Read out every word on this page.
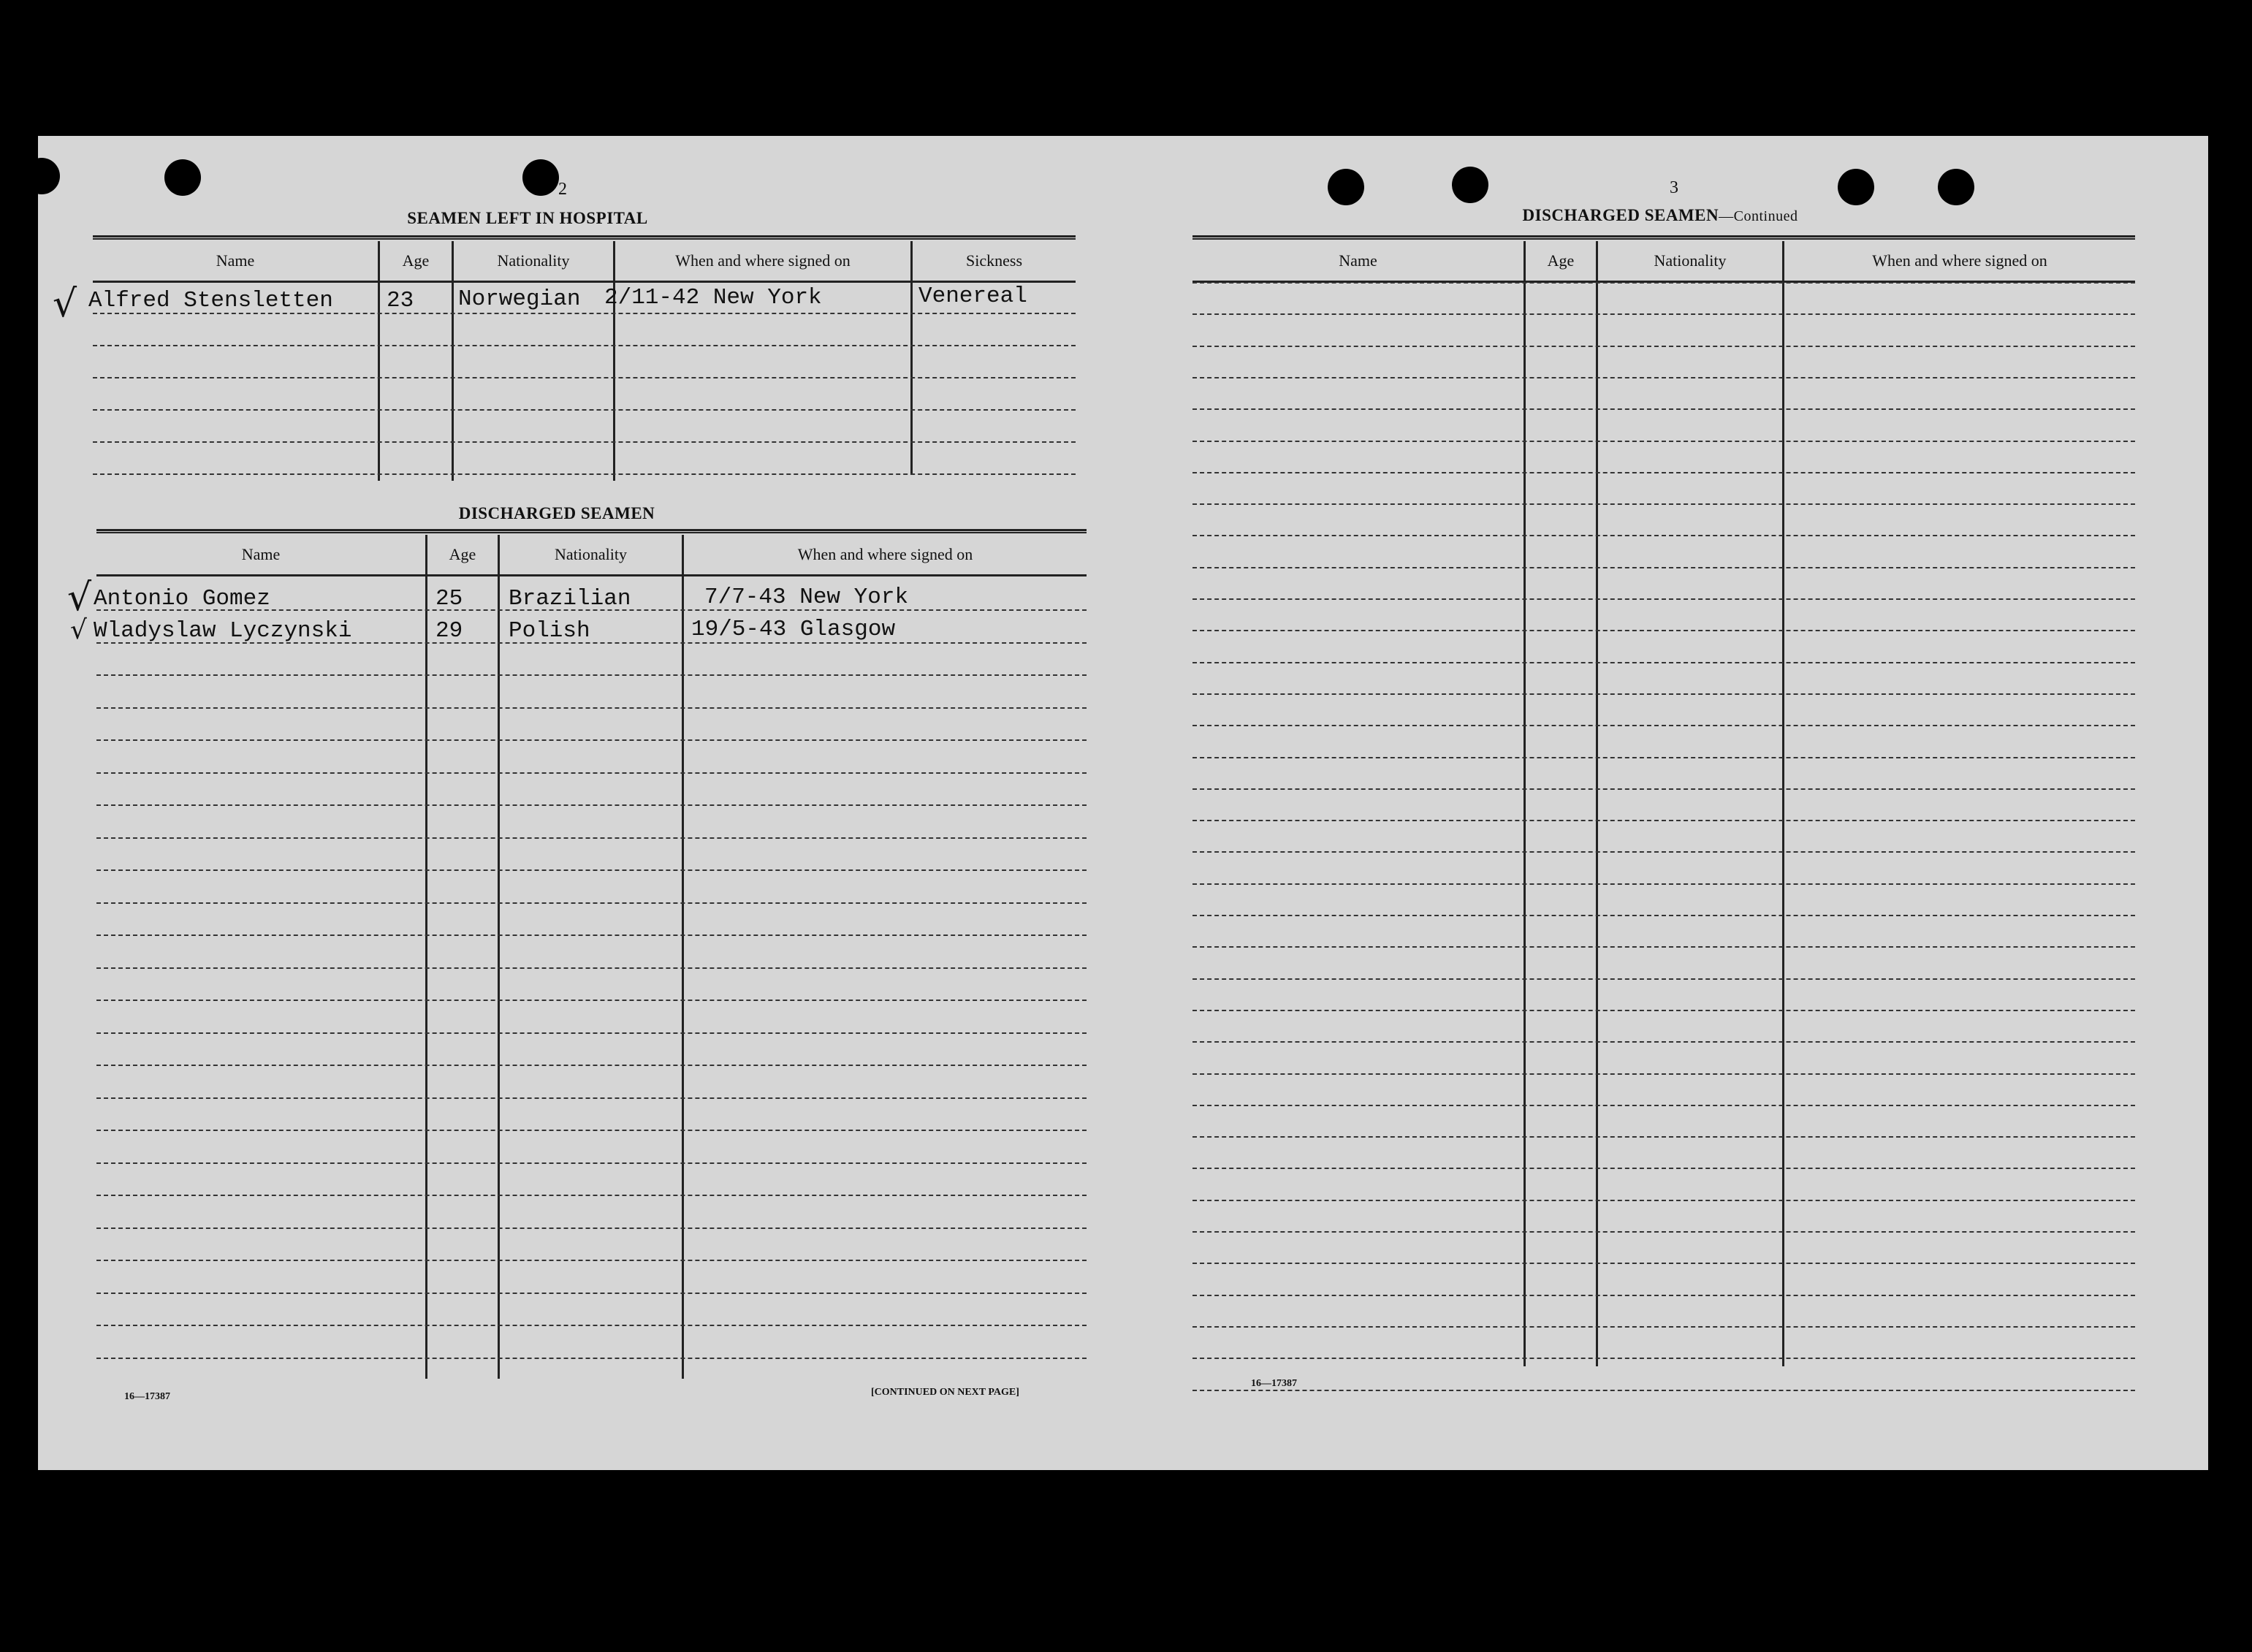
2
SEAMEN LEFT IN HOSPITAL
Name	Age	Nationality	When and where signed on	Sickness
Alfred Stensletten 23 Norwegian 2/11-42 New York	Venereal
√
DISCHARGED SEAMEN
Name	Age	Nationality	When and where signed on
Antonio Gomez	25 Brazilian	7/7-43 New York
Wladyslaw Lyczynski	29 Polish	19/5-43 Glasgow
√
√
16—17387	[CONTINUED ON NEXT PAGE]
3
DISCHARGED SEAMEN—Continued
Name	Age	Nationality	When and where signed on
16—17387
